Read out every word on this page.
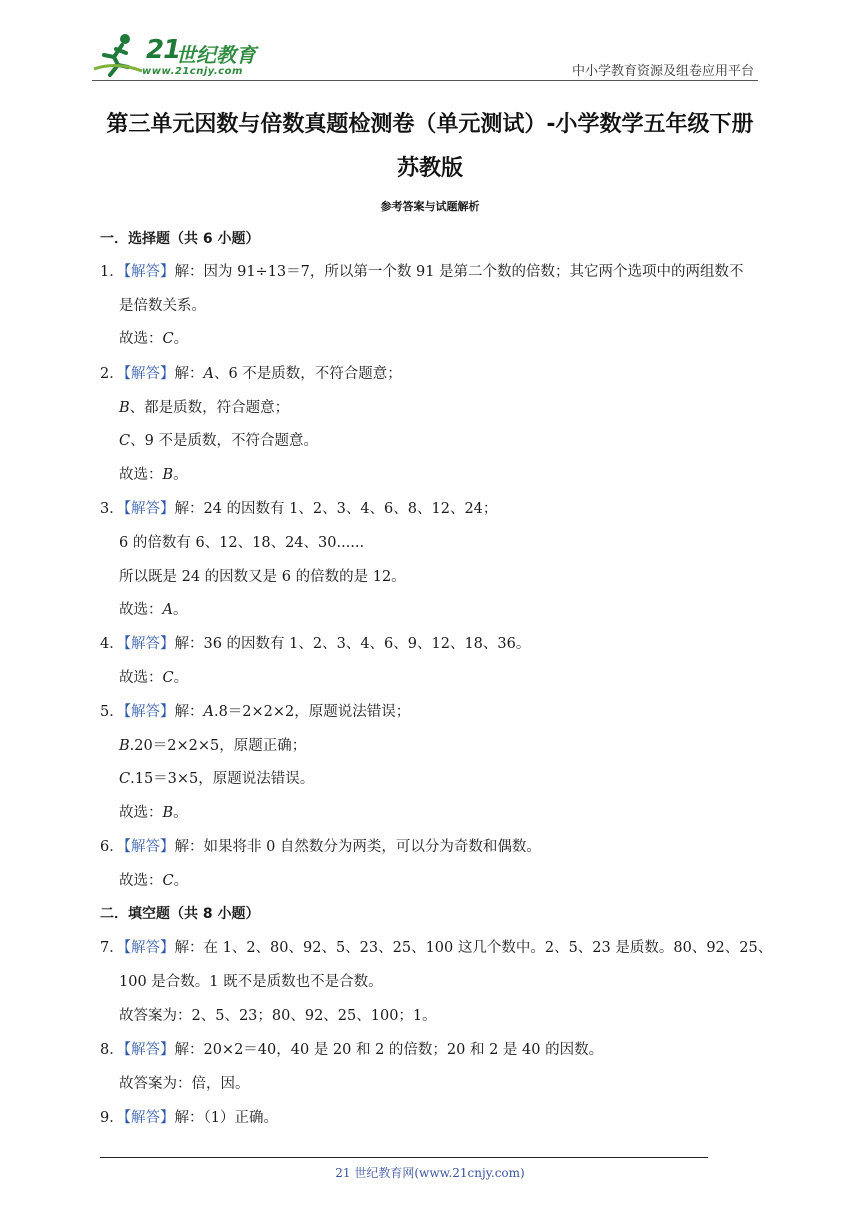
21
世纪教育
www.21cnjy.com	中小学教育资源及组卷应用平台
第三单元因数与倍数真题检测卷（单元测试）-小学数学五年级下册苏教版
参考答案与试题解析
一．选择题（共 6 小题）
1．【解答】解：因为 91÷13＝7，所以第一个数 91 是第二个数的倍数；其它两个选项中的两组数不
是倍数关系。
故选：C。
2．【解答】解：A、6 不是质数，不符合题意；
B、都是质数，符合题意；
C、9 不是质数，不符合题意。
故选：B。
3．【解答】解：24 的因数有 1、2、3、4、6、8、12、24；
6 的倍数有 6、12、18、24、30......
所以既是 24 的因数又是 6 的倍数的是 12。
故选：A。
4．【解答】解：36 的因数有 1、2、3、4、6、9、12、18、36。
故选：C。
5．【解答】解：A.8＝2×2×2，原题说法错误；
B.20＝2×2×5，原题正确；
C.15＝3×5，原题说法错误。
故选：B。
6．【解答】解：如果将非 0 自然数分为两类，可以分为奇数和偶数。
故选：C。
二．填空题（共 8 小题）
7．【解答】解：在 1、2、80、92、5、23、25、100 这几个数中。2、5、23 是质数。80、92、25、
100 是合数。1 既不是质数也不是合数。
故答案为：2、5、23；80、92、25、100；1。
8．【解答】解：20×2＝40，40 是 20 和 2 的倍数；20 和 2 是 40 的因数。
故答案为：倍，因。
9．【解答】解：（1）正确。
21 世纪教育网(www.21cnjy.com)
